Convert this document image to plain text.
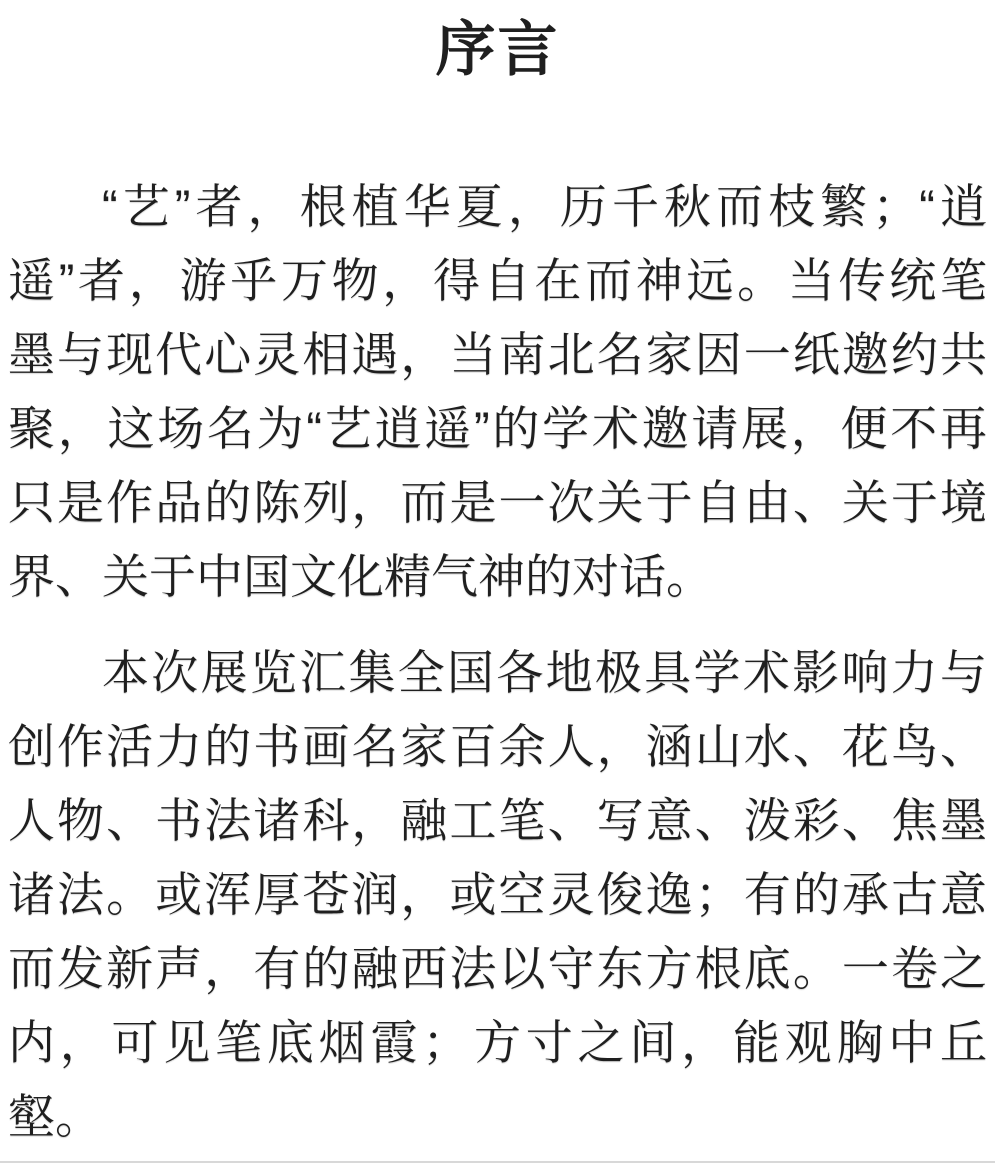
序言
“艺”者，根植华夏，历千秋而枝繁；“逍
遥”者，游乎万物，得自在而神远。当传统笔
墨与现代心灵相遇，当南北名家因一纸邀约共
聚，这场名为“艺逍遥”的学术邀请展，便不再
只是作品的陈列，而是一次关于自由、关于境
界、关于中国文化精气神的对话。
本次展览汇集全国各地极具学术影响力与
创作活力的书画名家百余人，涵山水、花鸟、
人物、书法诸科，融工笔、写意、泼彩、焦墨
诸法。或浑厚苍润，或空灵俊逸；有的承古意
而发新声，有的融西法以守东方根底。一卷之
内，可见笔底烟霞；方寸之间，能观胸中丘
壑。
